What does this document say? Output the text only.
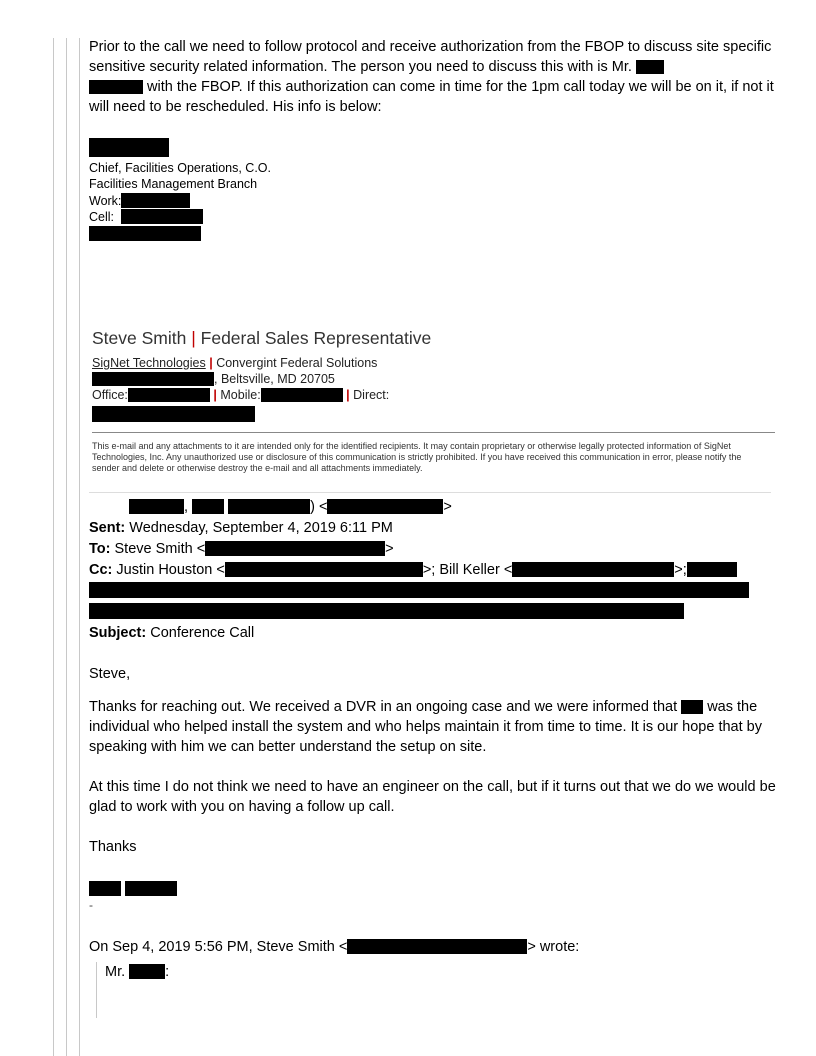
Prior to the call we need to follow protocol and receive authorization from the FBOP to discuss site specific sensitive security related information. The person you need to discuss this with is Mr.
with the FBOP. If this authorization can come in time for the 1pm call today we will be on it, if not it will need to be rescheduled. His info is below:
Chief, Facilities Operations, C.O.
Facilities Management Branch
Work:
Cell:
Steve Smith | Federal Sales Representative
SigNet Technologies | Convergint Federal Solutions
, Beltsville, MD 20705
Office:	| Mobile:	| Direct:
This e-mail and any attachments to it are intended only for the identified recipients. It may contain proprietary or otherwise legally protected information of SigNet Technologies, Inc. Any unauthorized use or disclosure of this communication is strictly prohibited. If you have received this communication in error, please notify the sender and delete or otherwise destroy the e-mail and all attachments immediately.
,	) <	>
Sent: Wednesday, September 4, 2019 6:11 PM
To: Steve Smith <	>
Cc: Justin Houston <	>; Bill Keller <	>;
Subject: Conference Call
Steve,
Thanks for reaching out. We received a DVR in an ongoing case and we were informed that was the individual who helped install the system and who helps maintain it from time to time. It is our hope that by speaking with him we can better understand the setup on site.
At this time I do not think we need to have an engineer on the call, but if it turns out that we do we would be glad to work with you on having a follow up call.
Thanks

-
On Sep 4, 2019 5:56 PM, Steve Smith <	> wrote:
Mr.	:
